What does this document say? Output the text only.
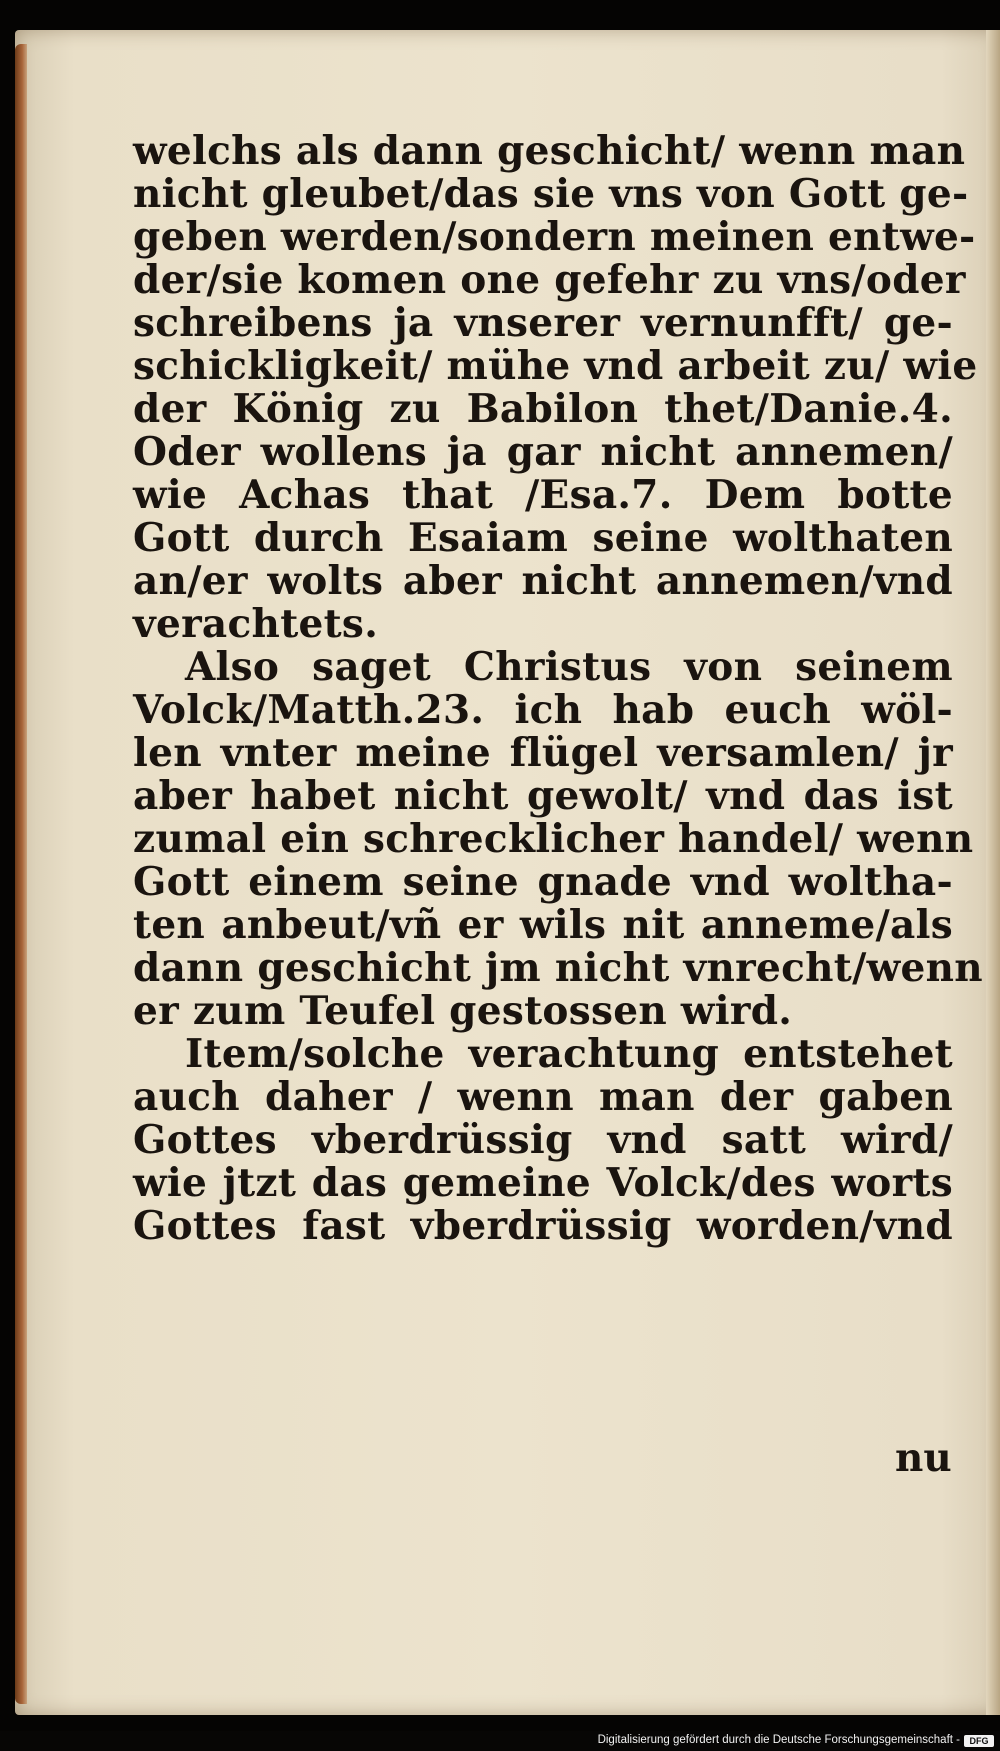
welchs als dann geschicht/ wenn man
nicht gleubet/das sie vns von Gott ge-
geben werden/sondern meinen entwe-
der/sie komen one gefehr zu vns/oder
schreibens ja vnserer vernunfft/ ge-
schickligkeit/ mühe vnd arbeit zu/ wie
der König zu Babilon thet/Danie.4.
Oder wollens ja gar nicht annemen/
wie Achas that /Esa.7. Dem botte
Gott durch Esaiam seine wolthaten
an/er wolts aber nicht annemen/vnd
verachtets.
Also saget Christus von seinem
Volck/Matth.23. ich hab euch wöl-
len vnter meine flügel versamlen/ jr
aber habet nicht gewolt/ vnd das ist
zumal ein schrecklicher handel/ wenn
Gott einem seine gnade vnd woltha-
ten anbeut/vñ er wils nit anneme/als
dann geschicht jm nicht vnrecht/wenn
er zum Teufel gestossen wird.
Item/solche verachtung entstehet
auch daher / wenn man der gaben
Gottes vberdrüssig vnd satt wird/
wie jtzt das gemeine Volck/des worts
Gottes fast vberdrüssig worden/vnd
nu
Digitalisierung gefördert durch die Deutsche Forschungsgemeinschaft -	DFG
